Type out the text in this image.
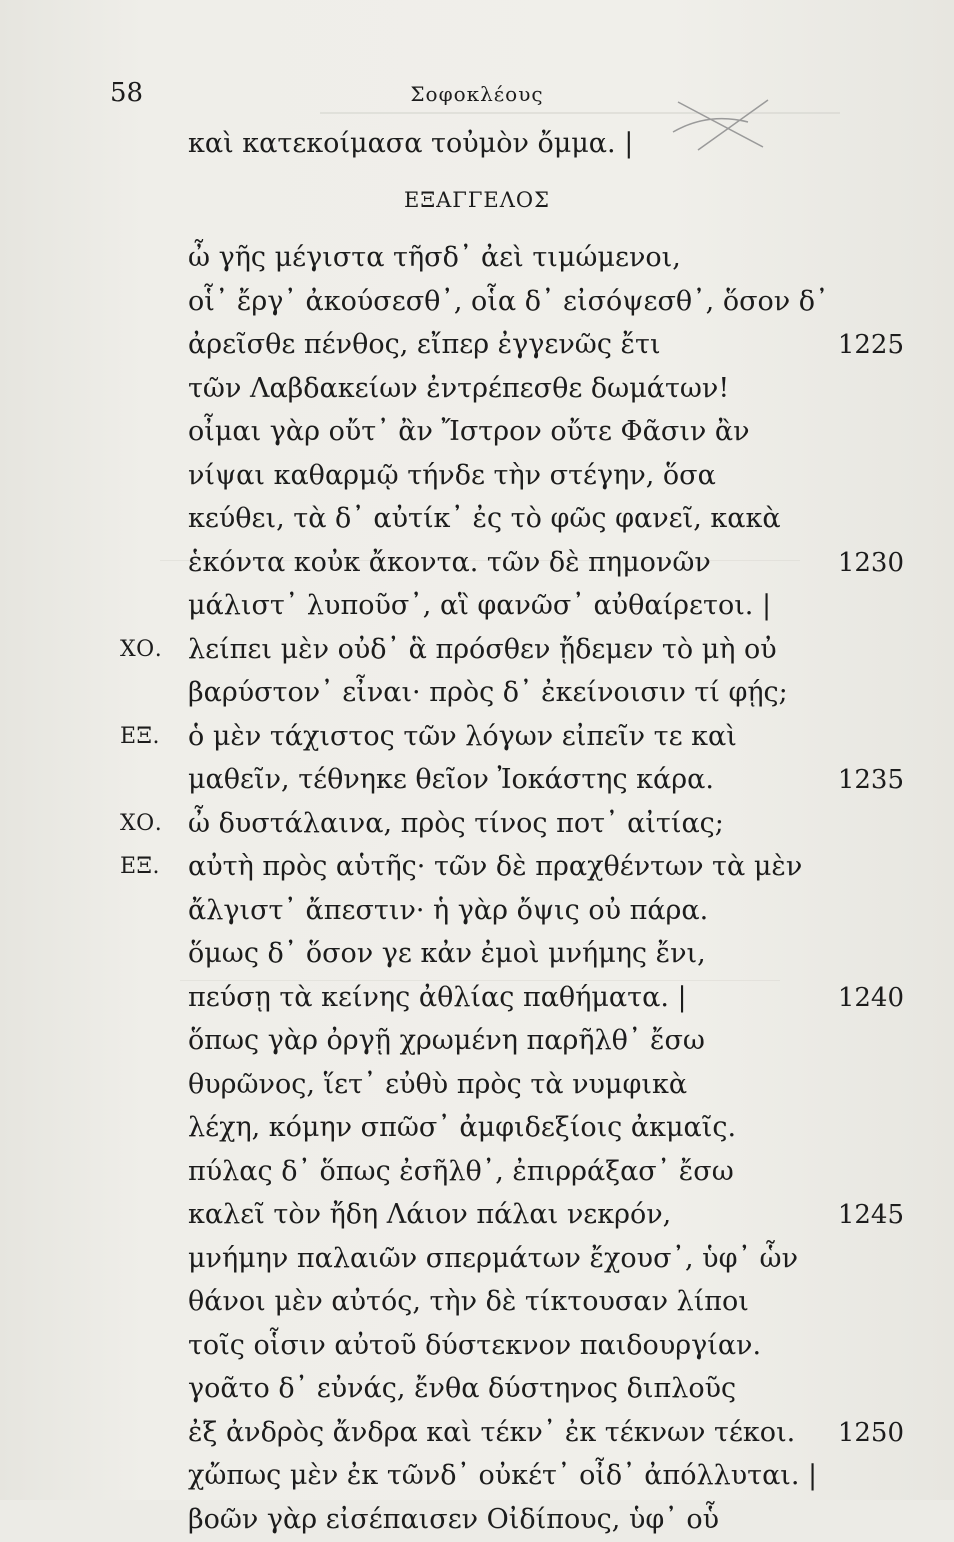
58	Σοφοκλέους
ΕΞΑΓΓΕΛΟΣ
καὶ κατεκοίμασα τοὐμὸν ὄμμα. |
ὦ γῆς μέγιστα τῆσδ᾽ ἀεὶ τιμώμενοι,
οἷ᾽ ἔργ᾽ ἀκούσεσθ᾽, οἷα δ᾽ εἰσόψεσθ᾽, ὅσον δ᾽
ἀρεῖσθε πένθος, εἴπερ ἐγγενῶς ἔτι	1225
τῶν Λαβδακείων ἐντρέπεσθε δωμάτων!
οἶμαι γὰρ οὔτ᾽ ἂν Ἴστρον οὔτε Φᾶσιν ἂν
νίψαι καθαρμῷ τήνδε τὴν στέγην, ὅσα
κεύθει, τὰ δ᾽ αὐτίκ᾽ ἐς τὸ φῶς φανεῖ, κακὰ
ἑκόντα κοὐκ ἄκοντα. τῶν δὲ πημονῶν	1230
μάλιστ᾽ λυποῦσ᾽, αἳ φανῶσ᾽ αὐθαίρετοι. |
ΧΟ. λείπει μὲν οὐδ᾽ ἃ πρόσθεν ᾔδεμεν τὸ μὴ οὐ
βαρύστον᾽ εἶναι· πρὸς δ᾽ ἐκείνοισιν τί φῄς;
ΕΞ. ὁ μὲν τάχιστος τῶν λόγων εἰπεῖν τε καὶ
μαθεῖν, τέθνηκε θεῖον Ἰοκάστης κάρα.	1235
ΧΟ. ὦ δυστάλαινα, πρὸς τίνος ποτ᾽ αἰτίας;
ΕΞ. αὐτὴ πρὸς αὑτῆς· τῶν δὲ πραχθέντων τὰ μὲν
ἄλγιστ᾽ ἄπεστιν· ἡ γὰρ ὄψις οὐ πάρα.
ὅμως δ᾽ ὅσον γε κἀν ἐμοὶ μνήμης ἔνι,
πεύσῃ τὰ κείνης ἀθλίας παθήματα. |	1240
ὅπως γὰρ ὀργῇ χρωμένη παρῆλθ᾽ ἔσω
θυρῶνος, ἵετ᾽ εὐθὺ πρὸς τὰ νυμφικὰ
λέχη, κόμην σπῶσ᾽ ἀμφιδεξίοις ἀκμαῖς.
πύλας δ᾽ ὅπως ἐσῆλθ᾽, ἐπιρράξασ᾽ ἔσω
καλεῖ τὸν ἤδη Λάιον πάλαι νεκρόν,	1245
μνήμην παλαιῶν σπερμάτων ἔχουσ᾽, ὑφ᾽ ὧν
θάνοι μὲν αὐτός, τὴν δὲ τίκτουσαν λίποι
τοῖς οἷσιν αὐτοῦ δύστεκνον παιδουργίαν.
γοᾶτο δ᾽ εὐνάς, ἔνθα δύστηνος διπλοῦς
ἐξ ἀνδρὸς ἄνδρα καὶ τέκν᾽ ἐκ τέκνων τέκοι. 1250
χὤπως μὲν ἐκ τῶνδ᾽ οὐκέτ᾽ οἶδ᾽ ἀπόλλυται. |
βοῶν γὰρ εἰσέπαισεν Οἰδίπους, ὑφ᾽ οὗ
